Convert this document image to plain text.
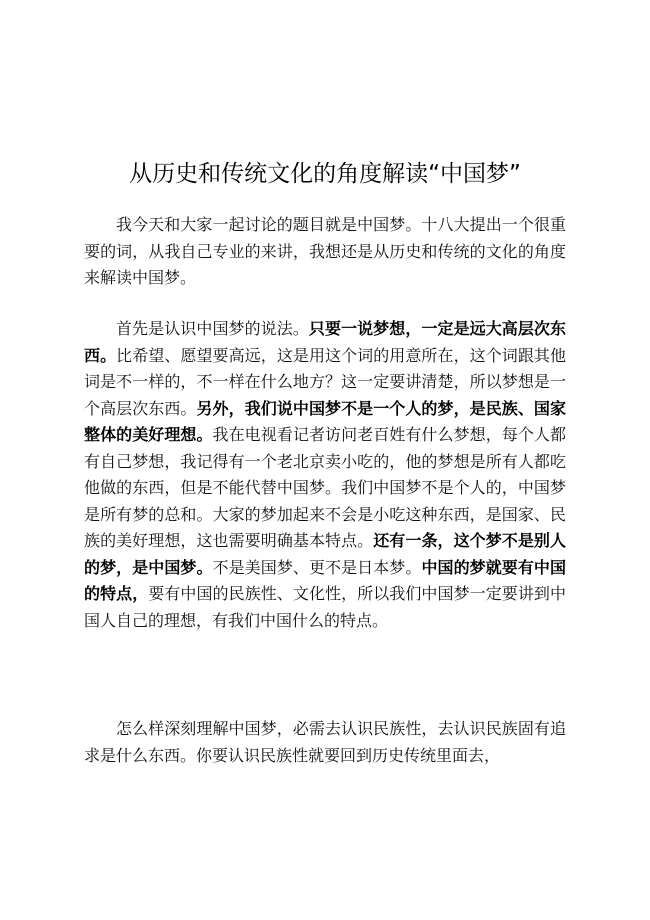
从历史和传统文化的角度解读“中国梦”

我今天和大家一起讨论的题目就是中国梦。十八大提出一个很重要的词，从我自己专业的来讲，我想还是从历史和传统的文化的角度来解读中国梦。

首先是认识中国梦的说法。只要一说梦想，一定是远大高层次东西。比希望、愿望要高远，这是用这个词的用意所在，这个词跟其他词是不一样的，不一样在什么地方？这一定要讲清楚，所以梦想是一个高层次东西。另外，我们说中国梦不是一个人的梦，是民族、国家整体的美好理想。我在电视看记者访问老百姓有什么梦想，每个人都有自己梦想，我记得有一个老北京卖小吃的，他的梦想是所有人都吃他做的东西，但是不能代替中国梦。我们中国梦不是个人的，中国梦是所有梦的总和。大家的梦加起来不会是小吃这种东西，是国家、民族的美好理想，这也需要明确基本特点。还有一条，这个梦不是别人的梦，是中国梦。不是美国梦、更不是日本梦。中国的梦就要有中国的特点，要有中国的民族性、文化性，所以我们中国梦一定要讲到中国人自己的理想，有我们中国什么的特点。

怎么样深刻理解中国梦，必需去认识民族性，去认识民族固有追求是什么东西。你要认识民族性就要回到历史传统里面去，
